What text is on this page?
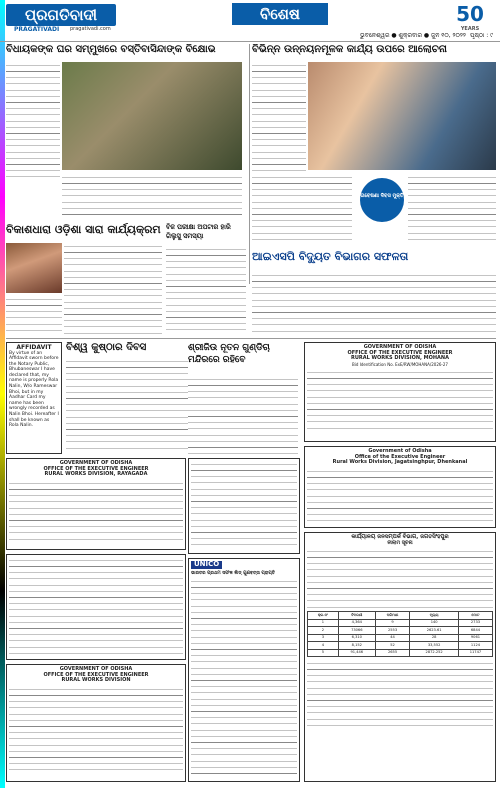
ପ୍ରଗତିବାଦୀ
PRAGATIVADI pragativadi.com
ବିଶେଷ	50
YEARS
ଭୁବନେଶ୍ୱର ● ଶୁକ୍ରବାର ● ଜୁନ ୧୦, ୨୦୨୨ ପୃଷ୍ଠା : ୯
ବିଧାୟକଙ୍କ ଘର ସମ୍ମୁଖରେ ବସ୍ତିବାସିନ୍ଦାଙ୍କ ବିକ୍ଷୋଭ	ବିଭିନ୍ନ ଉନ୍ନୟନମୂଳକ କାର୍ଯ୍ୟ ଉପରେ ଆଲୋଚନା
ଗବେଷଣା ଦିବସ ମୁକ୍ତି
ବିକାଶଧାରା ଓଡ଼ିଶା ସାରା କାର୍ଯ୍ୟକ୍ରମ ବିଜ ପରୀକ୍ଷା ଅପଟାର ହାରି ଗିଲୁସୁ ସମସ୍ୟା
ଆଇଏସପି ବିଦ୍ୟୁତ ବିଭାଗର ସଫଳତା
ବିଶ୍ୱ କୁଷ୍ଠାର ଦିବସ
AFFIDAVIT
By virtue of an Affidavit sworn before the Notary Public, Bhubaneswar I have declared that, my name is properly Rola Nalin, W/o Rameswar Bhoi, but in my Aadhar Card my name has been wrongly recorded as Nalin Bhoi. Hereafter I shall be known as Rola Nalin.
ଶ୍ରୀଜିଉ ନୂତନ ଗୁଣ୍ଡିଚା ମନ୍ଦିରରେ ରହିବେ
GOVERNMENT OF ODISHA
OFFICE OF THE EXECUTIVE ENGINEER
RURAL WORKS DIVISION, MOHANA
Bid Identification No. ExE/RW/MOHANA/2026-27
Government of Odisha
Office of the Executive Engineer
Rural Works Division, Jagatsinghpur, Dhenkanal
GOVERNMENT OF ODISHA
OFFICE OF THE EXECUTIVE ENGINEER
RURAL WORKS DIVISION, RAYAGADA
GOVERNMENT OF ODISHA
OFFICE OF THE EXECUTIVE ENGINEER
RURAL WORKS DIVISION
UNICO
ଭାରତର ପ୍ରଥମ ସଫଳ ଲିଡ୍ ଗୁଣବତ୍ତା ପ୍ରାପ୍ତି
କାର୍ଯ୍ୟାଳୟ ଜନସମ୍ପର୍କ ବିଭାଗ, ଜଗତସିଂହପୁର
ନୀଲାମ ସୂଚନା
କ୍ର.ନଂ	ବିବରଣୀ	ପରିମାଣ	ମୂଲ୍ୟ	ମୋଟ
1	4,364	9	140	2733
2	73066	2553	2623.61	6844
3	6,310	44	28	9061
4	8,152	52	33,552	1124
5	91,446	2655	2872.252	11747
